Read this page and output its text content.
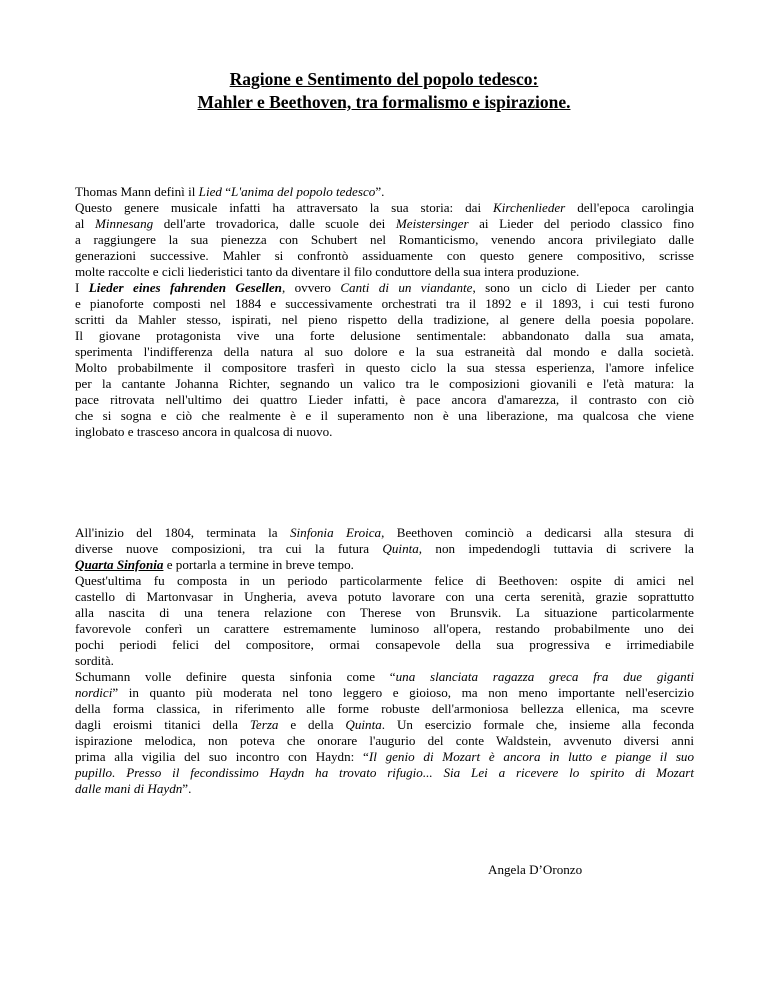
Ragione e Sentimento del popolo tedesco:
Mahler e Beethoven, tra formalismo e ispirazione.
Thomas Mann definì il Lied “L'anima del popolo tedesco”.
Questo genere musicale infatti ha attraversato la sua storia: dai Kirchenlieder dell'epoca carolingia
al Minnesang dell'arte trovadorica, dalle scuole dei Meistersinger ai Lieder del periodo classico fino
a raggiungere la sua pienezza con Schubert nel Romanticismo, venendo ancora privilegiato dalle
generazioni successive. Mahler si confrontò assiduamente con questo genere compositivo, scrisse
molte raccolte e cicli liederistici tanto da diventare il filo conduttore della sua intera produzione.
I Lieder eines fahrenden Gesellen, ovvero Canti di un viandante, sono un ciclo di Lieder per canto
e pianoforte composti nel 1884 e successivamente orchestrati tra il 1892 e il 1893, i cui testi furono
scritti da Mahler stesso, ispirati, nel pieno rispetto della tradizione, al genere della poesia popolare.
Il giovane protagonista vive una forte delusione sentimentale: abbandonato dalla sua amata,
sperimenta l'indifferenza della natura al suo dolore e la sua estraneità dal mondo e dalla società.
Molto probabilmente il compositore trasferì in questo ciclo la sua stessa esperienza, l'amore infelice
per la cantante Johanna Richter, segnando un valico tra le composizioni giovanili e l'età matura: la
pace ritrovata nell'ultimo dei quattro Lieder infatti, è pace ancora d'amarezza, il contrasto con ciò
che si sogna e ciò che realmente è e il superamento non è una liberazione, ma qualcosa che viene
inglobato e trasceso ancora in qualcosa di nuovo.
All'inizio del 1804, terminata la Sinfonia Eroica, Beethoven cominciò a dedicarsi alla stesura di
diverse nuove composizioni, tra cui la futura Quinta, non impedendogli tuttavia di scrivere la
Quarta Sinfonia e portarla a termine in breve tempo.
Quest'ultima fu composta in un periodo particolarmente felice di Beethoven: ospite di amici nel
castello di Martonvasar in Ungheria, aveva potuto lavorare con una certa serenità, grazie soprattutto
alla nascita di una tenera relazione con Therese von Brunsvik. La situazione particolarmente
favorevole conferì un carattere estremamente luminoso all'opera, restando probabilmente uno dei
pochi periodi felici del compositore, ormai consapevole della sua progressiva e irrimediabile
sordità.
Schumann volle definire questa sinfonia come “una slanciata ragazza greca fra due giganti
nordici” in quanto più moderata nel tono leggero e gioioso, ma non meno importante nell'esercizio
della forma classica, in riferimento alle forme robuste dell'armoniosa bellezza ellenica, ma scevre
dagli eroismi titanici della Terza e della Quinta. Un esercizio formale che, insieme alla feconda
ispirazione melodica, non poteva che onorare l'augurio del conte Waldstein, avvenuto diversi anni
prima alla vigilia del suo incontro con Haydn: “Il genio di Mozart è ancora in lutto e piange il suo
pupillo. Presso il fecondissimo Haydn ha trovato rifugio... Sia Lei a ricevere lo spirito di Mozart
dalle mani di Haydn”.
Angela D’Oronzo
